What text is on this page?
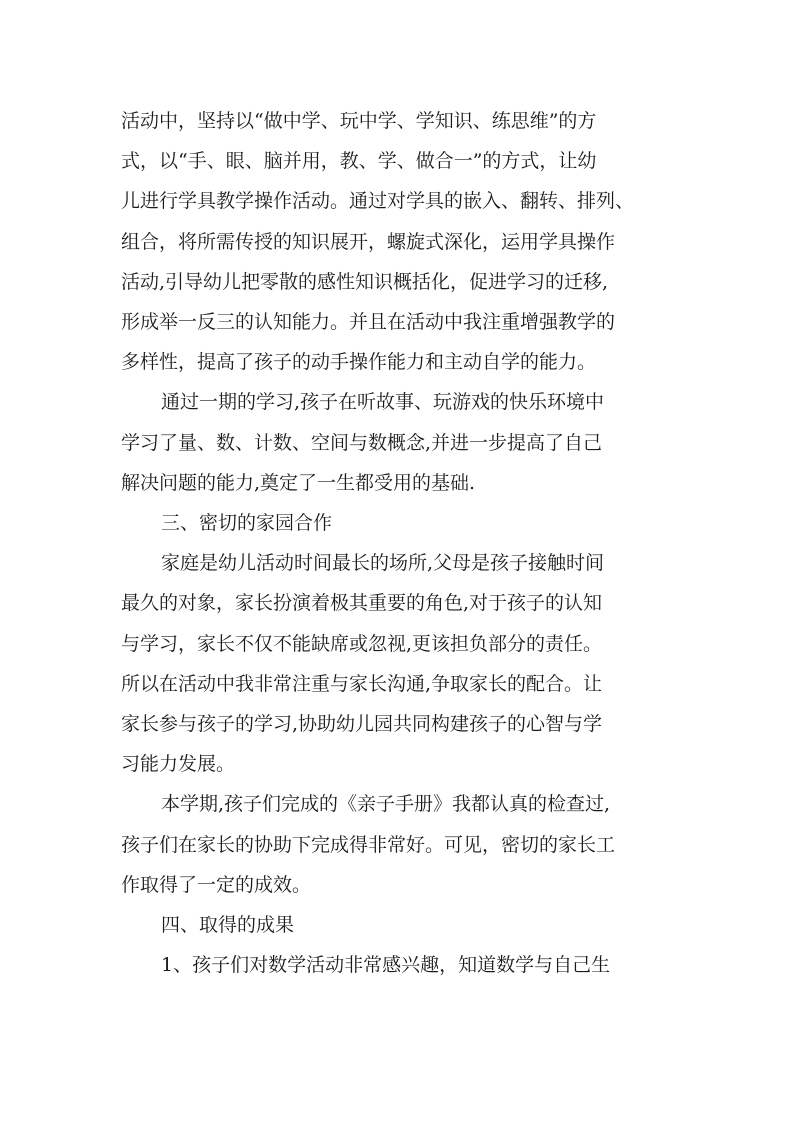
活动中，坚持以“做中学、玩中学、学知识、练思维”的方
式，以“手、眼、脑并用，教、学、做合一”的方式，让幼
儿进行学具教学操作活动。通过对学具的嵌入、翻转、排列、
组合，将所需传授的知识展开，螺旋式深化，运用学具操作
活动,引导幼儿把零散的感性知识概括化，促进学习的迁移,
形成举一反三的认知能力。并且在活动中我注重增强教学的
多样性，提高了孩子的动手操作能力和主动自学的能力。

通过一期的学习,孩子在听故事、玩游戏的快乐环境中
学习了量、数、计数、空间与数概念,并进一步提高了自己
解决问题的能力,奠定了一生都受用的基础.

三、密切的家园合作

家庭是幼儿活动时间最长的场所,父母是孩子接触时间
最久的对象，家长扮演着极其重要的角色,对于孩子的认知
与学习，家长不仅不能缺席或忽视,更该担负部分的责任。
所以在活动中我非常注重与家长沟通,争取家长的配合。让
家长参与孩子的学习,协助幼儿园共同构建孩子的心智与学
习能力发展。

本学期,孩子们完成的《亲子手册》我都认真的检查过,
孩子们在家长的协助下完成得非常好。可见，密切的家长工
作取得了一定的成效。

四、取得的成果

1、孩子们对数学活动非常感兴趣，知道数学与自己生
